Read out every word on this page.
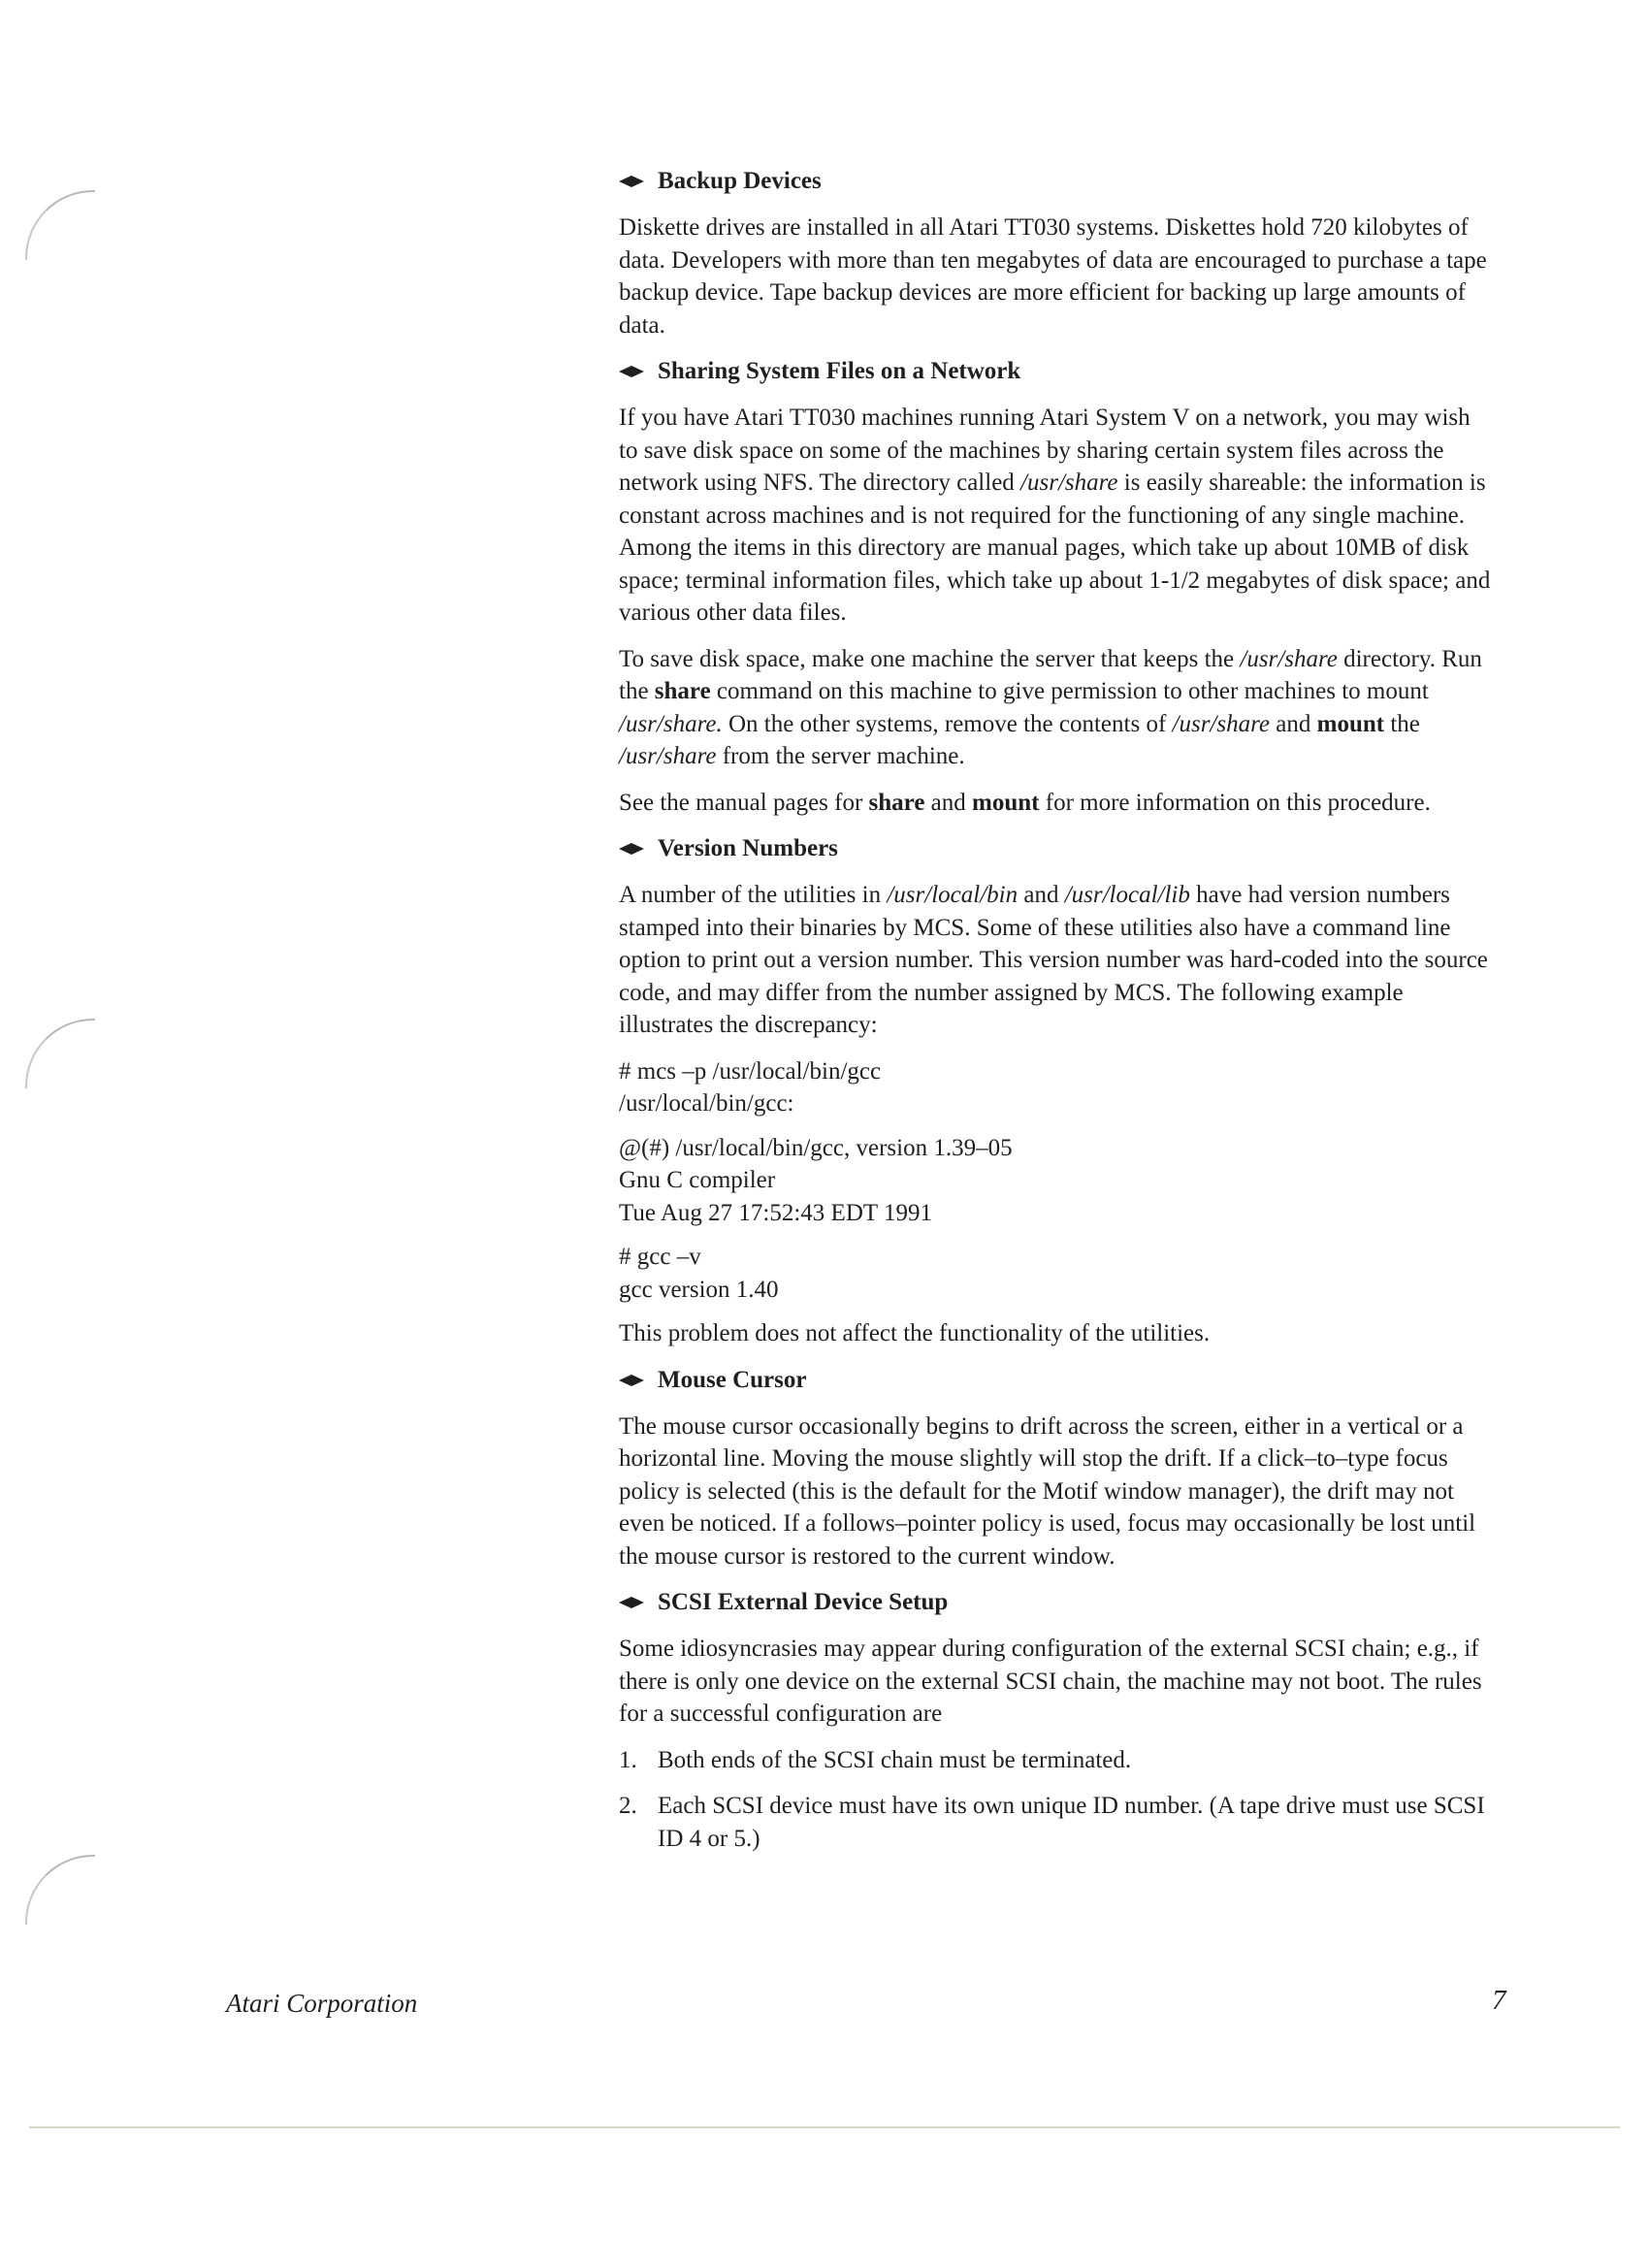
Backup Devices

Diskette drives are installed in all Atari TT030 systems. Diskettes hold 720 kilobytes of data. Developers with more than ten megabytes of data are encouraged to purchase a tape backup device. Tape backup devices are more efficient for backing up large amounts of data.

Sharing System Files on a Network

If you have Atari TT030 machines running Atari System V on a network, you may wish to save disk space on some of the machines by sharing certain system files across the network using NFS. The directory called /usr/share is easily shareable: the information is constant across machines and is not required for the functioning of any single machine. Among the items in this directory are manual pages, which take up about 10MB of disk space; terminal information files, which take up about 1-1/2 megabytes of disk space; and various other data files.

To save disk space, make one machine the server that keeps the /usr/share directory. Run the share command on this machine to give permission to other machines to mount /usr/share. On the other systems, remove the contents of /usr/share and mount the /usr/share from the server machine.

See the manual pages for share and mount for more information on this procedure.

Version Numbers

A number of the utilities in /usr/local/bin and /usr/local/lib have had version numbers stamped into their binaries by MCS. Some of these utilities also have a command line option to print out a version number. This version number was hard-coded into the source code, and may differ from the number assigned by MCS. The following example illustrates the discrepancy:

# mcs –p /usr/local/bin/gcc
/usr/local/bin/gcc:

@(#) /usr/local/bin/gcc, version 1.39–05
Gnu C compiler
Tue Aug 27 17:52:43 EDT 1991

# gcc –v
gcc version 1.40

This problem does not affect the functionality of the utilities.

Mouse Cursor

The mouse cursor occasionally begins to drift across the screen, either in a vertical or a horizontal line. Moving the mouse slightly will stop the drift. If a click–to–type focus policy is selected (this is the default for the Motif window manager), the drift may not even be noticed. If a follows–pointer policy is used, focus may occasionally be lost until the mouse cursor is restored to the current window.

SCSI External Device Setup

Some idiosyncrasies may appear during configuration of the external SCSI chain; e.g., if there is only one device on the external SCSI chain, the machine may not boot. The rules for a successful configuration are

1. Both ends of the SCSI chain must be terminated.
2. Each SCSI device must have its own unique ID number. (A tape drive must use SCSI ID 4 or 5.)
Atari Corporation	7
